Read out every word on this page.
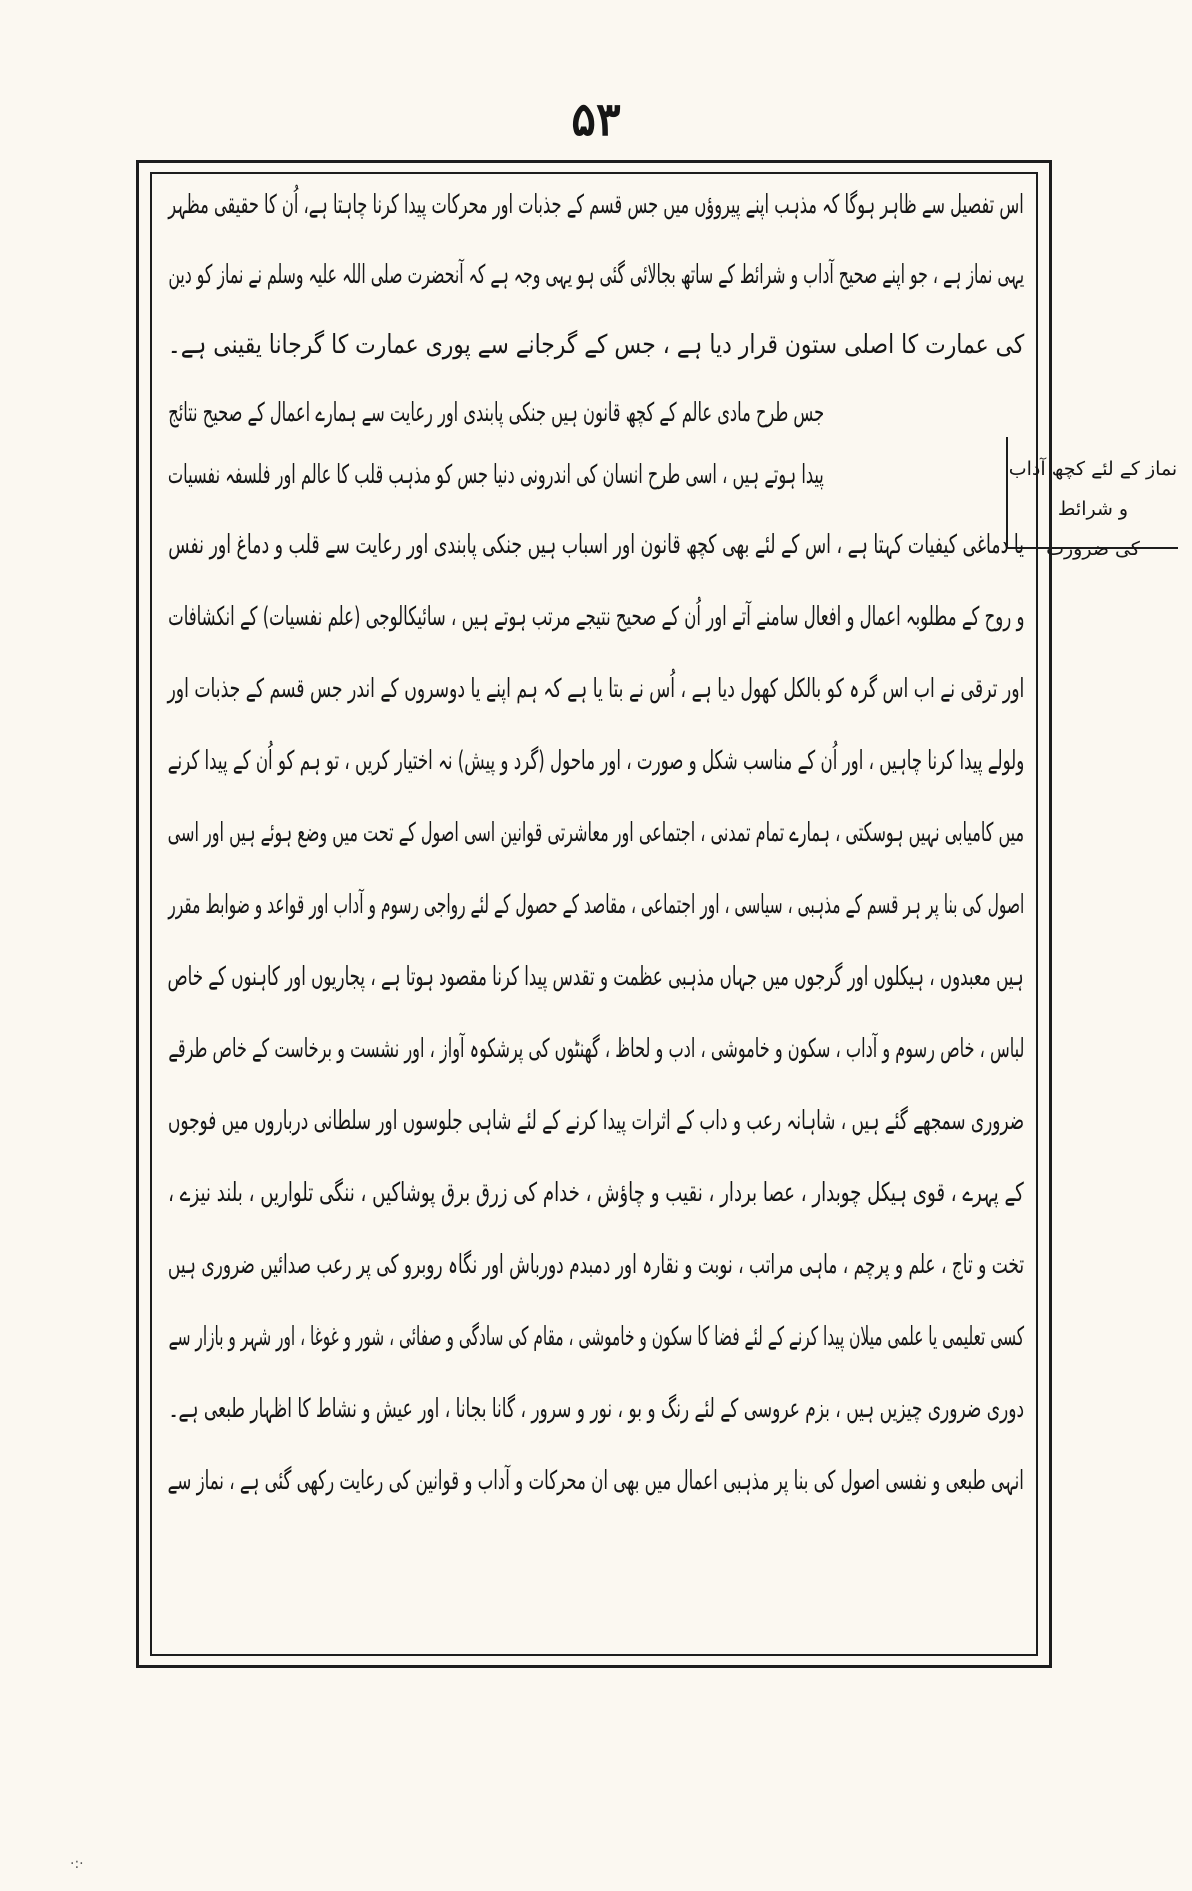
۵۳
نماز کے لئے کچھ آداب و شرائط
کی ضرورت
اس تفصیل سے ظاہر ہوگا کہ مذہب اپنے پیروؤں میں جس قسم کے جذبات اور محرکات پیدا کرنا چاہتا ہے، اُن کا حقیقی مظہر
یہی نماز ہے ، جو اپنے صحیح آداب و شرائط کے ساتھ بجالائی گئی ہو یہی وجہ ہے کہ آنحضرت صلی اللہ علیہ وسلم نے نماز کو دین
کی عمارت کا اصلی ستون قرار دیا ہے ، جس کے گرجانے سے پوری عمارت کا گرجانا یقینی ہے۔
جس طرح مادی عالم کے کچھ قانون ہیں جنکی پابندی اور رعایت سے ہمارے اعمال کے صحیح نتائج
پیدا ہوتے ہیں ، اسی طرح انسان کی اندرونی دنیا جس کو مذہب قلب کا عالم اور فلسفہ نفسیات
یا دماغی کیفیات کہتا ہے ، اس کے لئے بھی کچھ قانون اور اسباب ہیں جنکی پابندی اور رعایت سے قلب و دماغ اور نفس
و روح کے مطلوبہ اعمال و افعال سامنے آتے اور اُن کے صحیح نتیجے مرتب ہوتے ہیں ، سائیکالوجی (علم نفسیات) کے انکشافات
اور ترقی نے اب اس گرہ کو بالکل کھول دیا ہے ، اُس نے بتا یا ہے کہ ہم اپنے یا دوسروں کے اندر جس قسم کے جذبات اور
ولولے پیدا کرنا چاہیں ، اور اُن کے مناسب شکل و صورت ، اور ماحول (گرد و پیش) نہ اختیار کریں ، تو ہم کو اُن کے پیدا کرنے
میں کامیابی نہیں ہوسکتی ، ہمارے تمام تمدنی ، اجتماعی اور معاشرتی قوانین اسی اصول کے تحت میں وضع ہوئے ہیں اور اسی
اصول کی بنا پر ہر قسم کے مذہبی ، سیاسی ، اور اجتماعی ، مقاصد کے حصول کے لئے رواجی رسوم و آداب اور قواعد و ضوابط مقرر
ہیں معبدوں ، ہیکلوں اور گرجوں میں جہاں مذہبی عظمت و تقدس پیدا کرنا مقصود ہوتا ہے ، پجاریوں اور کاہنوں کے خاص
لباس ، خاص رسوم و آداب ، سکون و خاموشی ، ادب و لحاظ ، گھنٹوں کی پرشکوہ آواز ، اور نشست و برخاست کے خاص طرقے
ضروری سمجھے گئے ہیں ، شاہانہ رعب و داب کے اثرات پیدا کرنے کے لئے شاہی جلوسوں اور سلطانی درباروں میں فوجوں
کے پہرے ، قوی ہیکل چوبدار ، عصا بردار ، نقیب و چاؤش ، خدام کی زرق برق پوشاکیں ، ننگی تلواریں ، بلند نیزے ،
تخت و تاج ، علم و پرچم ، ماہی مراتب ، نوبت و نقارہ اور دمبدم دورباش اور نگاہ روبرو کی پر رعب صدائیں ضروری ہیں
کسی تعلیمی یا علمی میلان پیدا کرنے کے لئے فضا کا سکون و خاموشی ، مقام کی سادگی و صفائی ، شور و غوغا ، اور شہر و بازار سے
دوری ضروری چیزیں ہیں ، بزم عروسی کے لئے رنگ و بو ، نور و سرور ، گانا بجانا ، اور عیش و نشاط کا اظہار طبعی ہے۔
انہی طبعی و نفسی اصول کی بنا پر مذہبی اعمال میں بھی ان محرکات و آداب و قوانین کی رعایت رکھی گئی ہے ، نماز سے
·:·
